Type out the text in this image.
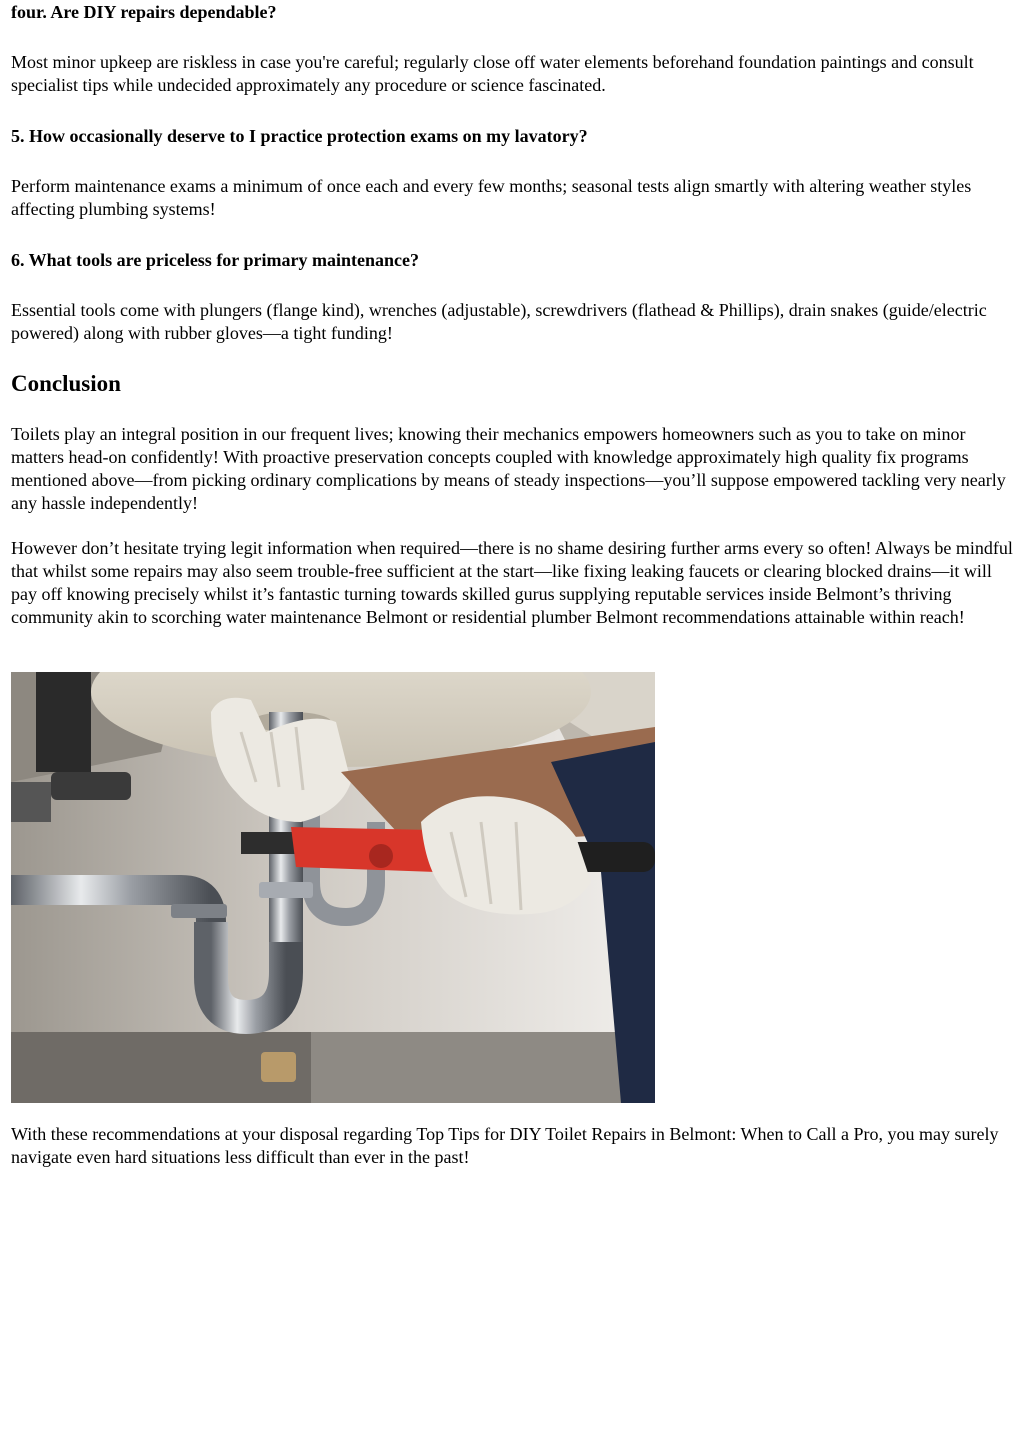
four. Are DIY repairs dependable?

Most minor upkeep are riskless in case you're careful; regularly close off water elements beforehand foundation paintings and consult specialist tips while undecided approximately any procedure or science fascinated.

5. How occasionally deserve to I practice protection exams on my lavatory?

Perform maintenance exams a minimum of once each and every few months; seasonal tests align smartly with altering weather styles affecting plumbing systems!

6. What tools are priceless for primary maintenance?

Essential tools come with plungers (flange kind), wrenches (adjustable), screwdrivers (flathead & Phillips), drain snakes (guide/electric powered) along with rubber gloves—a tight funding!

Conclusion

Toilets play an integral position in our frequent lives; knowing their mechanics empowers homeowners such as you to take on minor matters head-on confidently! With proactive preservation concepts coupled with knowledge approximately high quality fix programs mentioned above—from picking ordinary complications by means of steady inspections—you’ll suppose empowered tackling very nearly any hassle independently!

However don’t hesitate trying legit information when required—there is no shame desiring further arms every so often! Always be mindful that whilst some repairs may also seem trouble-free sufficient at the start—like fixing leaking faucets or clearing blocked drains—it will pay off knowing precisely whilst it’s fantastic turning towards skilled gurus supplying reputable services inside Belmont’s thriving community akin to scorching water maintenance Belmont or residential plumber Belmont recommendations attainable within reach!

With these recommendations at your disposal regarding Top Tips for DIY Toilet Repairs in Belmont: When to Call a Pro, you may surely navigate even hard situations less difficult than ever in the past!
